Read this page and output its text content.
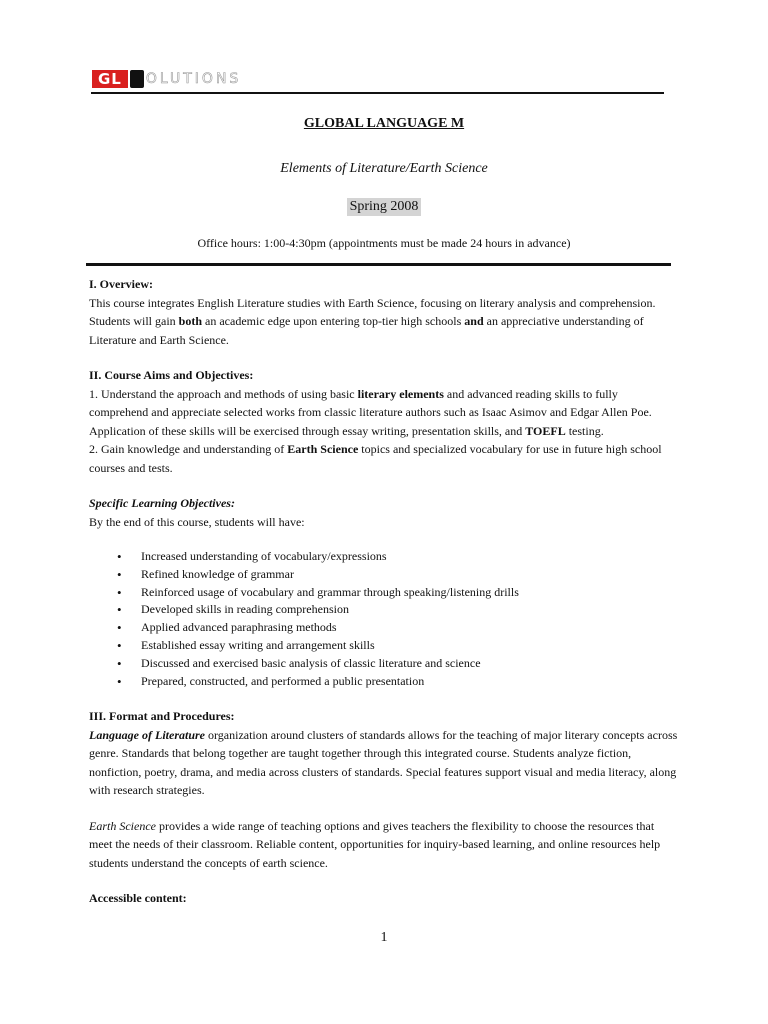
GL	OLUTIONS
GLOBAL LANGUAGE M
Elements of Literature/Earth Science
Spring 2008
Office hours: 1:00-4:30pm (appointments must be made 24 hours in advance)

I. Overview:

This course integrates English Literature studies with Earth Science, focusing on literary analysis and comprehension. Students will gain both an academic edge upon entering top-tier high schools and an appreciative understanding of Literature and Earth Science.

II. Course Aims and Objectives:

1. Understand the approach and methods of using basic literary elements and advanced reading skills to fully comprehend and appreciate selected works from classic literature authors such as Isaac Asimov and Edgar Allen Poe. Application of these skills will be exercised through essay writing, presentation skills, and TOEFL testing.

2. Gain knowledge and understanding of Earth Science topics and specialized vocabulary for use in future high school courses and tests.

Specific Learning Objectives:

By the end of this course, students will have:

• Increased understanding of vocabulary/expressions
• Refined knowledge of grammar
• Reinforced usage of vocabulary and grammar through speaking/listening drills
• Developed skills in reading comprehension
• Applied advanced paraphrasing methods
• Established essay writing and arrangement skills
• Discussed and exercised basic analysis of classic literature and science
• Prepared, constructed, and performed a public presentation

III. Format and Procedures:

Language of Literature organization around clusters of standards allows for the teaching of major literary concepts across genre. Standards that belong together are taught together through this integrated course. Students analyze fiction, nonfiction, poetry, drama, and media across clusters of standards. Special features support visual and media literacy, along with research strategies.

Earth Science provides a wide range of teaching options and gives teachers the flexibility to choose the resources that meet the needs of their classroom. Reliable content, opportunities for inquiry-based learning, and online resources help students understand the concepts of earth science.

Accessible content:

1
